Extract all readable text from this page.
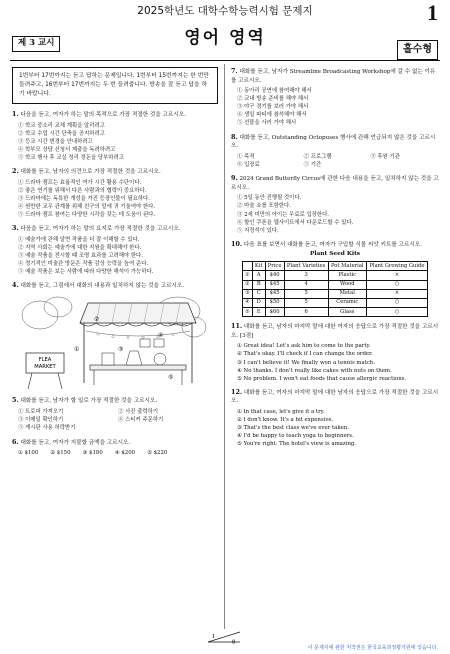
2025학년도 대학수학능력시험 문제지	1
영어 영역
제 3 교시
홀수형
1번부터 17번까지는 듣고 답하는 문제입니다. 1번부터 15번까지는 한 번만 들려주고, 16번부터 17번까지는 두 번 들려줍니다. 방송을 잘 듣고 답을 하기 바랍니다.
1. 다음을 듣고, 여자가 하는 말의 목적으로 가장 적절한 것을 고르시오.
① 학교 중소리 교체 계획을 알리려고
② 학교 수업 시간 단축을 공지하려고
③ 등교 시간 변경을 안내하려고
④ 학부모 상담 신청서 제출을 독려하려고
⑤ 학교 행사 후 교실 정리 정돈을 당부하려고
2. 대화를 듣고, 남자의 의견으로 가장 적절한 것을 고르시오.
① 드라마 캠프는 효율적인 여가 시간 활용 수단이다.
② 좋은 연기를 위해서 다른 사람과의 협력이 중요하다.
③ 드라마에는 독특한 개성을 가진 등장인물이 필요하다.
④ 원만한 교우 관계를 위해 친구의 말에 귀 기울여야 한다.
⑤ 드라마 캠프 참여는 다양한 시각을 갖는 데 도움이 된다.
3. 다음을 듣고, 여자가 하는 말의 요지로 가장 적절한 것을 고르시오.
① 예술가에 관해 알면 작품을 더 잘 이해할 수 있다.
② 지역 사회는 예술가에 대한 지원을 확대해야 한다.
③ 예술 작품을 전시할 때 조명 효과를 고려해야 한다.
④ 정기적인 미술관 방문은 작품 감상 능력을 높여 준다.
⑤ 예술 작품은 보는 사람에 따라 다양한 해석이 가능하다.
4. 대화를 듣고, 그림에서 대화의 내용과 일치하지 않는 것을 고르시오.
FLEA
MARKET
①
②
③
④
⑤
5. 대화를 듣고, 남자가 할 일로 가장 적절한 것을 고르시오.
① 트로피 가져오기	② 사진 출력하기
③ 이메일 확인하기	④ 스티커 주문하기
⑤ 게시판 사용 허락받기
6. 대화를 듣고, 여자가 지불할 금액을 고르시오.
① $100 ② $150 ③ $180 ④ $200 ⑤ $220
7. 대화를 듣고, 남자가 Streamline Broadcasting Workshop에 갈 수 없는 이유를 고르시오.
① 동아리 공연에 참여해야 해서
② 교내 방송 준비를 해야 해서
③ 야구 경기를 보러 가야 해서
④ 생일 파티에 참석해야 해서
⑤ 선물을 사러 가야 해서
8. 대화를 듣고, Outstanding Octopuses 행사에 관해 언급되지 않은 것을 고르시오.
① 목적	② 프로그램	③ 후원 기관
④ 입장료	⑤ 기간
9. 2024 Grand Butterfly Circus에 관한 다음 내용을 듣고, 일치하지 않는 것을 고르시오.
① 5일 동안 진행될 것이다.
② 마술 쇼를 포함한다.
③ 2세 미만의 아이는 무료로 입장한다.
④ 할인 쿠폰을 웹사이트에서 다운로드할 수 있다.
⑤ 지정석이 있다.
10. 다음 표를 보면서 대화를 듣고, 여자가 구입할 식물 씨앗 키트를 고르시오.
Plant Seed Kits
	Kit	Price	Plant Varieties	Pot Material	Plant Growing Guide
①	A	$40	3	Plastic	×
②	B	$45	4	Wood	○
③	C	$45	5	Metal	×
④	D	$50	5	Ceramic	○
⑤	E	$60	6	Glass	○
11. 대화를 듣고, 남자의 마지막 말에 대한 여자의 응답으로 가장 적절한 것을 고르시오. [3점]
① Great idea! Let's ask him to come to the party.
② That's okay. I'll check if I can change the order.
③ I can't believe it! We finally won a tennis match.
④ No thanks. I don't really like cakes with nuts on them.
⑤ No problem. I won't eat foods that cause allergic reactions.
12. 대화를 듣고, 여자의 마지막 말에 대한 남자의 응답으로 가장 적절한 것을 고르시오.
① In that case, let's give it a try.
② I don't know. It's a bit expensive.
③ That's the best class we've ever taken.
④ I'd be happy to teach yoga to beginners.
⑤ You're right. The hotel's view is amazing.
1
8
이 문제지에 관한 저작권은 한국교육과정평가원에 있습니다.
